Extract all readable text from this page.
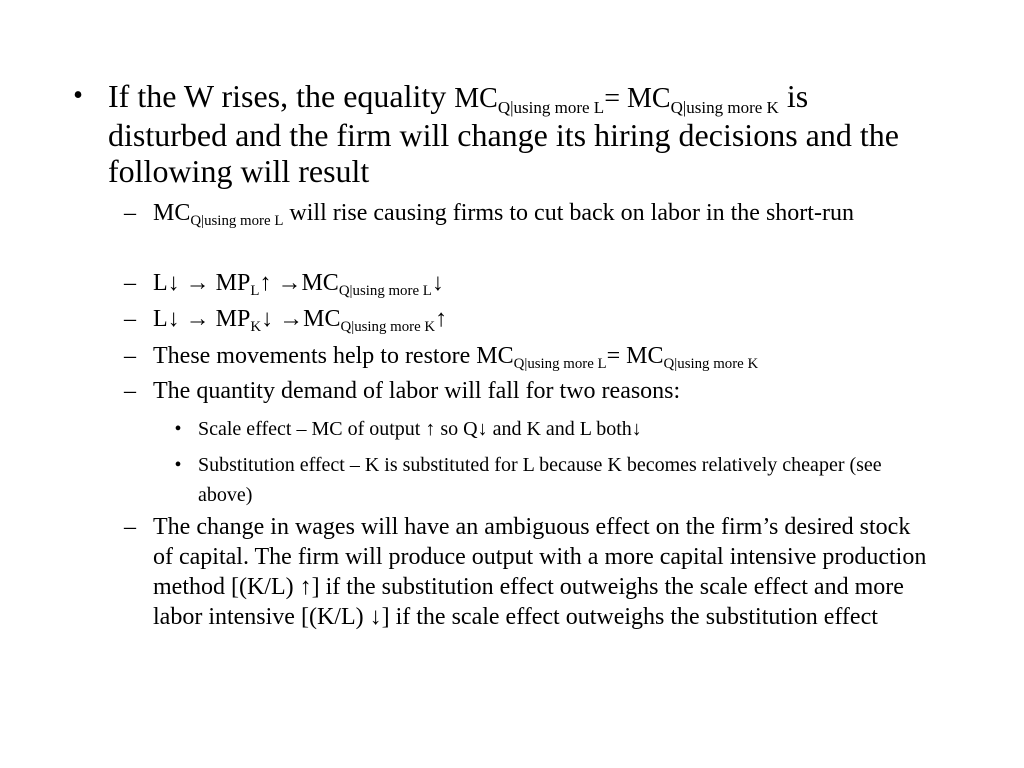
• If the W rises, the equality $MC_{Q|using more L}= MC_{Q|using more K}$ is disturbed and the firm will change its hiring decisions and the following will result
– $MC_{Q|using more L}$ will rise causing firms to cut back on labor in the short-run
– L↓ → $MP_L↑$ $\to MC_{Q|using more L}↓$
– L↓ → $MP_K↓$ $\to MC_{Q|using more K}↑$
– These movements help to restore $MC_{Q|using more L}= MC_{Q|using more K}$
– The quantity demand of labor will fall for two reasons:
• Scale effect – MC of output ↑ so Q↓ and K and L both↓
• Substitution effect – K is substituted for L because K becomes relatively cheaper (see above)
– The change in wages will have an ambiguous effect on the firm’s desired stock of capital. The firm will produce output with a more capital intensive production method [(K/L) ↑] if the substitution effect outweighs the scale effect and more labor intensive [(K/L) ↓] if the scale effect outweighs the substitution effect
